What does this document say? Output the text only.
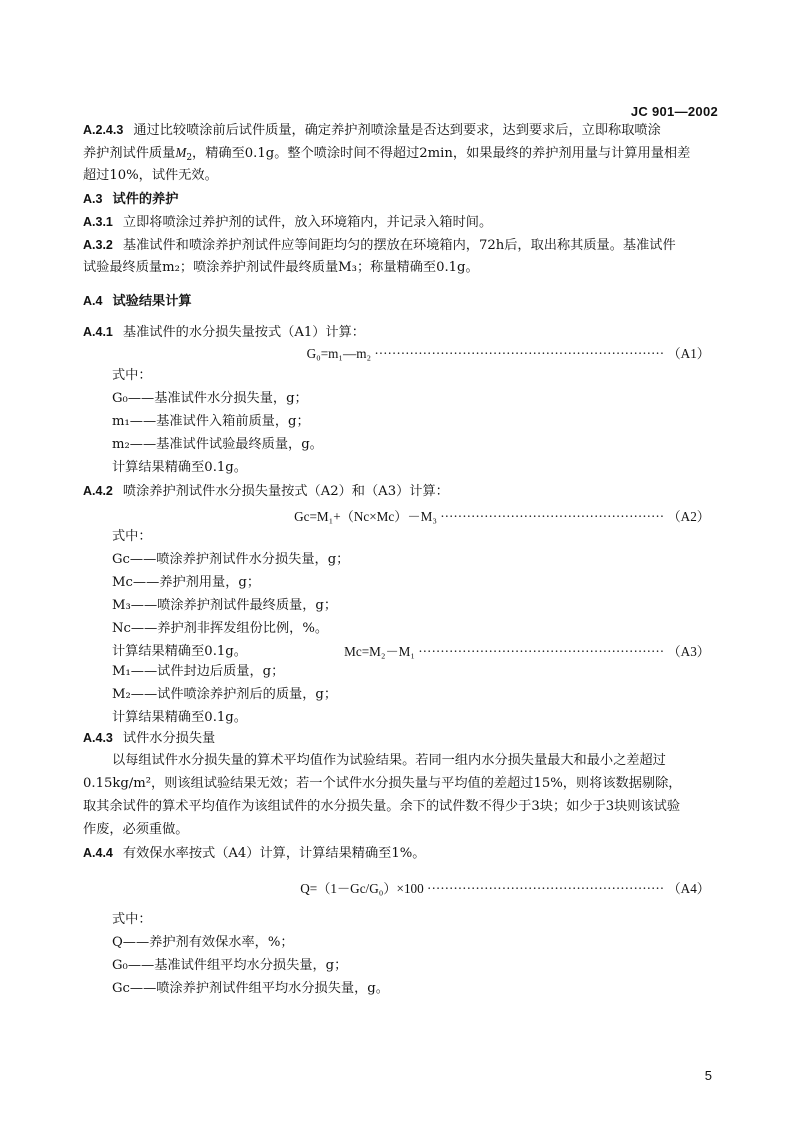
JC 901—2002
A.2.4.3 通过比较喷涂前后试件质量，确定养护剂喷涂量是否达到要求，达到要求后，立即称取喷涂
养护剂试件质量$M_2$，精确至0.1g。整个喷涂时间不得超过2min，如果最终的养护剂用量与计算用量相差
超过10%，试件无效。
A.3 试件的养护
A.3.1 立即将喷涂过养护剂的试件，放入环境箱内，并记录入箱时间。
A.3.2 基准试件和喷涂养护剂试件应等间距均匀的摆放在环境箱内，72h后，取出称其质量。基准试件
试验最终质量m₂；喷涂养护剂试件最终质量M₃；称量精确至0.1g。
A.4 试验结果计算
A.4.1 基准试件的水分损失量按式（A1）计算：
G₀=m₁—m₂ ·································································· （A1）
式中：
G₀——基准试件水分损失量，g；
m₁——基准试件入箱前质量，g；
m₂——基准试件试验最终质量，g。
计算结果精确至0.1g。
A.4.2 喷涂养护剂试件水分损失量按式（A2）和（A3）计算：
Gc=M₁+（Nc×Mc）－M₃ ··················································· （A2）
式中：
Gc——喷涂养护剂试件水分损失量，g；
Mc——养护剂用量，g；
M₃——喷涂养护剂试件最终质量，g；
Nc——养护剂非挥发组份比例，%。
计算结果精确至0.1g。	Mc=M₂－M₁ ························································ （A3）
M₁——试件封边后质量，g；
M₂——试件喷涂养护剂后的质量，g；
计算结果精确至0.1g。
A.4.3 试件水分损失量
以每组试件水分损失量的算术平均值作为试验结果。若同一组内水分损失量最大和最小之差超过
0.15kg/m²，则该组试验结果无效；若一个试件水分损失量与平均值的差超过15%，则将该数据剔除，
取其余试件的算术平均值作为该组试件的水分损失量。余下的试件数不得少于3块；如少于3块则该试验
作废，必须重做。
A.4.4 有效保水率按式（A4）计算，计算结果精确至1%。
Q=（1－Gc/G₀）×100 ······················································ （A4）
式中：
Q——养护剂有效保水率，%；
G₀——基准试件组平均水分损失量，g；
Gc——喷涂养护剂试件组平均水分损失量，g。
5
